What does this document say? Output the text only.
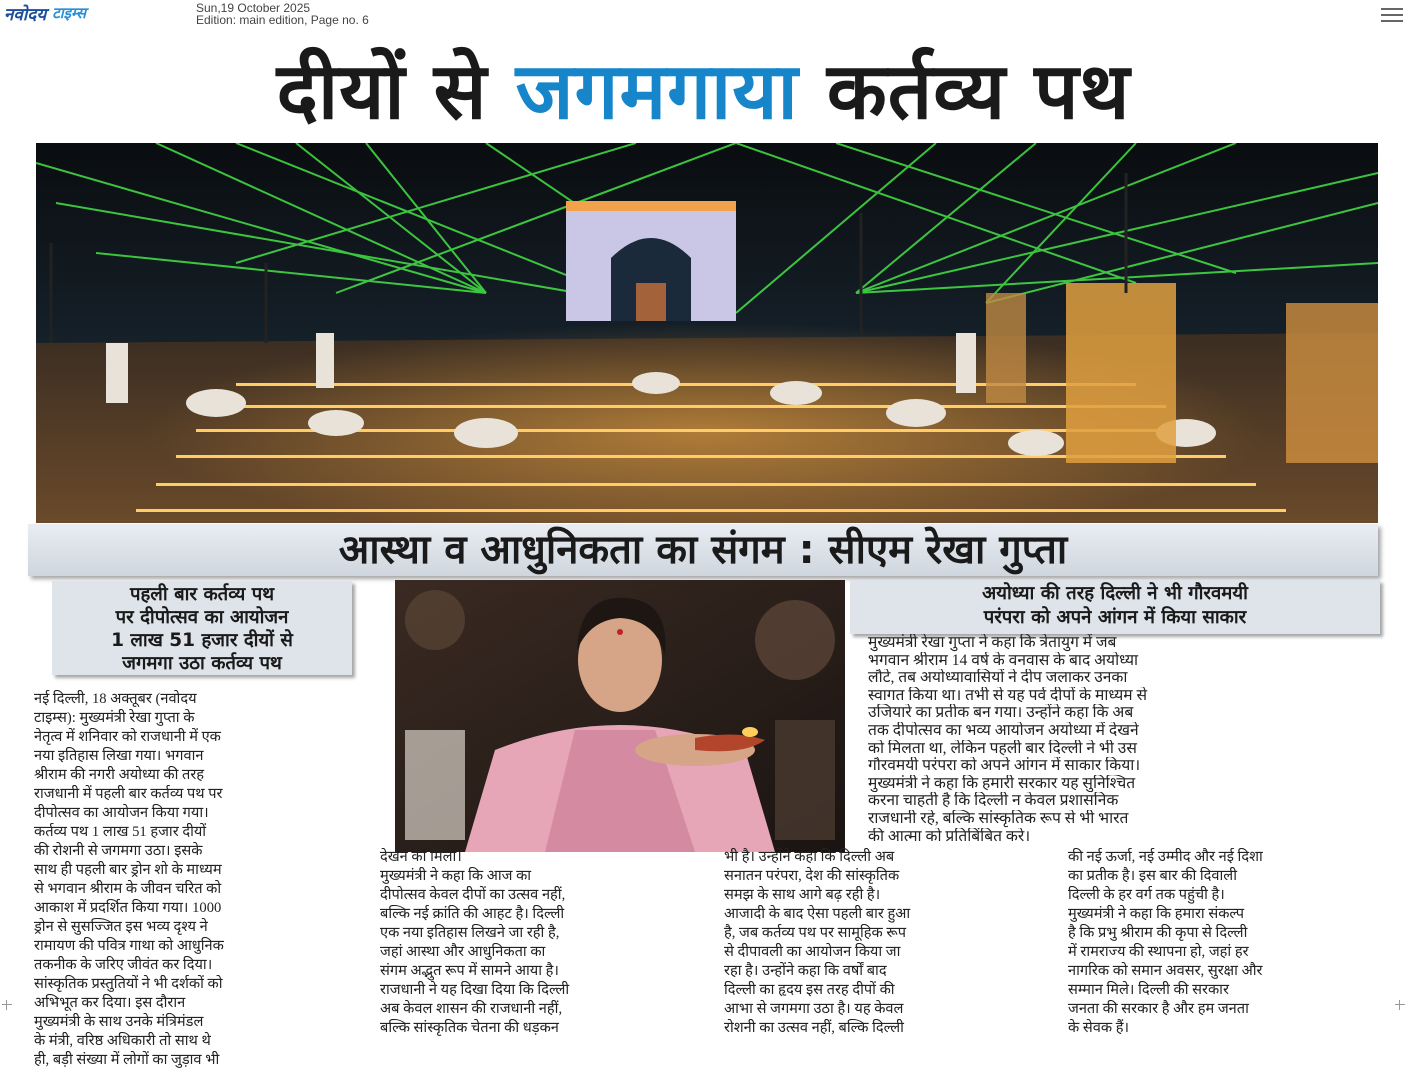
नवोदय टाइम्स	Sun,19 October 2025
Edition: main edition, Page no. 6
दीयों से जगमगाया कर्तव्य पथ
आस्था व आधुनिकता का संगम : सीएम रेखा गुप्ता
पहली बार कर्तव्य पथ
पर दीपोत्सव का आयोजन
1 लाख 51 हजार दीयों से
जगमगा उठा कर्तव्य पथ
नई दिल्ली, 18 अक्तूबर (नवोदय
टाइम्स): मुख्यमंत्री रेखा गुप्ता के
नेतृत्व में शनिवार को राजधानी में एक
नया इतिहास लिखा गया। भगवान
श्रीराम की नगरी अयोध्या की तरह
राजधानी में पहली बार कर्तव्य पथ पर
दीपोत्सव का आयोजन किया गया।
कर्तव्य पथ 1 लाख 51 हजार दीयों
की रोशनी से जगमगा उठा। इसके
साथ ही पहली बार ड्रोन शो के माध्यम
से भगवान श्रीराम के जीवन चरित को
आकाश में प्रदर्शित किया गया। 1000
ड्रोन से सुसज्जित इस भव्य दृश्य ने
रामायण की पवित्र गाथा को आधुनिक
तकनीक के जरिए जीवंत कर दिया।
सांस्कृतिक प्रस्तुतियों ने भी दर्शकों को
अभिभूत कर दिया। इस दौरान
मुख्यमंत्री के साथ उनके मंत्रिमंडल
के मंत्री, वरिष्ठ अधिकारी तो साथ थे
ही, बड़ी संख्या में लोगों का जुड़ाव भी
अयोध्या की तरह दिल्ली ने भी गौरवमयी
परंपरा को अपने आंगन में किया साकार
मुख्यमंत्री रेखा गुप्ता ने कहा कि त्रेतायुग में जब
भगवान श्रीराम 14 वर्ष के वनवास के बाद अयोध्या
लौटे, तब अयोध्यावासियों ने दीप जलाकर उनका
स्वागत किया था। तभी से यह पर्व दीपों के माध्यम से
उजियारे का प्रतीक बन गया। उन्होंने कहा कि अब
तक दीपोत्सव का भव्य आयोजन अयोध्या में देखने
को मिलता था, लेकिन पहली बार दिल्ली ने भी उस
गौरवमयी परंपरा को अपने आंगन में साकार किया।
मुख्यमंत्री ने कहा कि हमारी सरकार यह सुनिश्चित
करना चाहती है कि दिल्ली न केवल प्रशासनिक
राजधानी रहे, बल्कि सांस्कृतिक रूप से भी भारत
की आत्मा को प्रतिबिंबित करे।
देखने को मिला।
मुख्यमंत्री ने कहा कि आज का
दीपोत्सव केवल दीपों का उत्सव नहीं,
बल्कि नई क्रांति की आहट है। दिल्ली
एक नया इतिहास लिखने जा रही है,
जहां आस्था और आधुनिकता का
संगम अद्भुत रूप में सामने आया है।
राजधानी ने यह दिखा दिया कि दिल्ली
अब केवल शासन की राजधानी नहीं,
बल्कि सांस्कृतिक चेतना की धड़कन
भी है। उन्होंने कहा कि दिल्ली अब
सनातन परंपरा, देश की सांस्कृतिक
समझ के साथ आगे बढ़ रही है।
आजादी के बाद ऐसा पहली बार हुआ
है, जब कर्तव्य पथ पर सामूहिक रूप
से दीपावली का आयोजन किया जा
रहा है। उन्होंने कहा कि वर्षों बाद
दिल्ली का हृदय इस तरह दीपों की
आभा से जगमगा उठा है। यह केवल
रोशनी का उत्सव नहीं, बल्कि दिल्ली
की नई ऊर्जा, नई उम्मीद और नई दिशा
का प्रतीक है। इस बार की दिवाली
दिल्ली के हर वर्ग तक पहुंची है।
मुख्यमंत्री ने कहा कि हमारा संकल्प
है कि प्रभु श्रीराम की कृपा से दिल्ली
में रामराज्य की स्थापना हो, जहां हर
नागरिक को समान अवसर, सुरक्षा और
सम्मान मिले। दिल्ली की सरकार
जनता की सरकार है और हम जनता
के सेवक हैं।
